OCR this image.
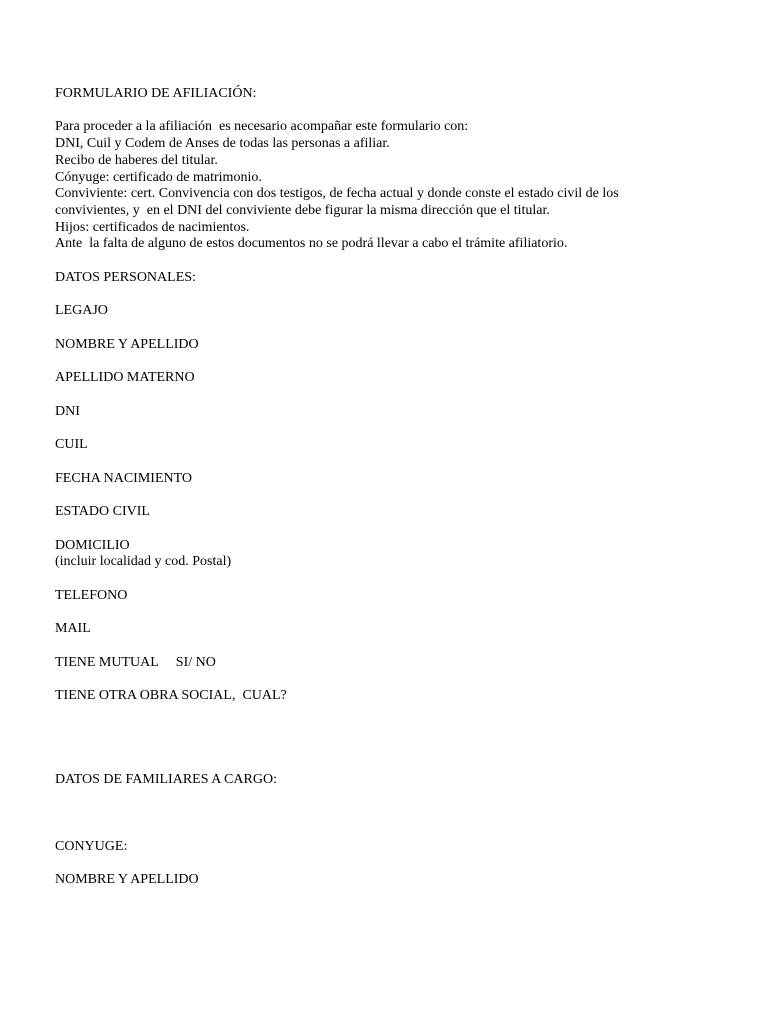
FORMULARIO DE AFILIACIÓN:
Para proceder a la afiliación  es necesario acompañar este formulario con:
DNI, Cuil y Codem de Anses de todas las personas a afiliar.
Recibo de haberes del titular.
Cónyuge: certificado de matrimonio.
Conviviente: cert. Convivencia con dos testigos, de fecha actual y donde conste el estado civil de los
convivientes, y  en el DNI del conviviente debe figurar la misma dirección que el titular.
Hijos: certificados de nacimientos.
Ante  la falta de alguno de estos documentos no se podrá llevar a cabo el trámite afiliatorio.
DATOS PERSONALES:
LEGAJO
NOMBRE Y APELLIDO
APELLIDO MATERNO
DNI
CUIL
FECHA NACIMIENTO
ESTADO CIVIL
DOMICILIO
(incluir localidad y cod. Postal)
TELEFONO
MAIL
TIENE MUTUAL     SI/ NO
TIENE OTRA OBRA SOCIAL,  CUAL?
DATOS DE FAMILIARES A CARGO:
CONYUGE:
NOMBRE Y APELLIDO
